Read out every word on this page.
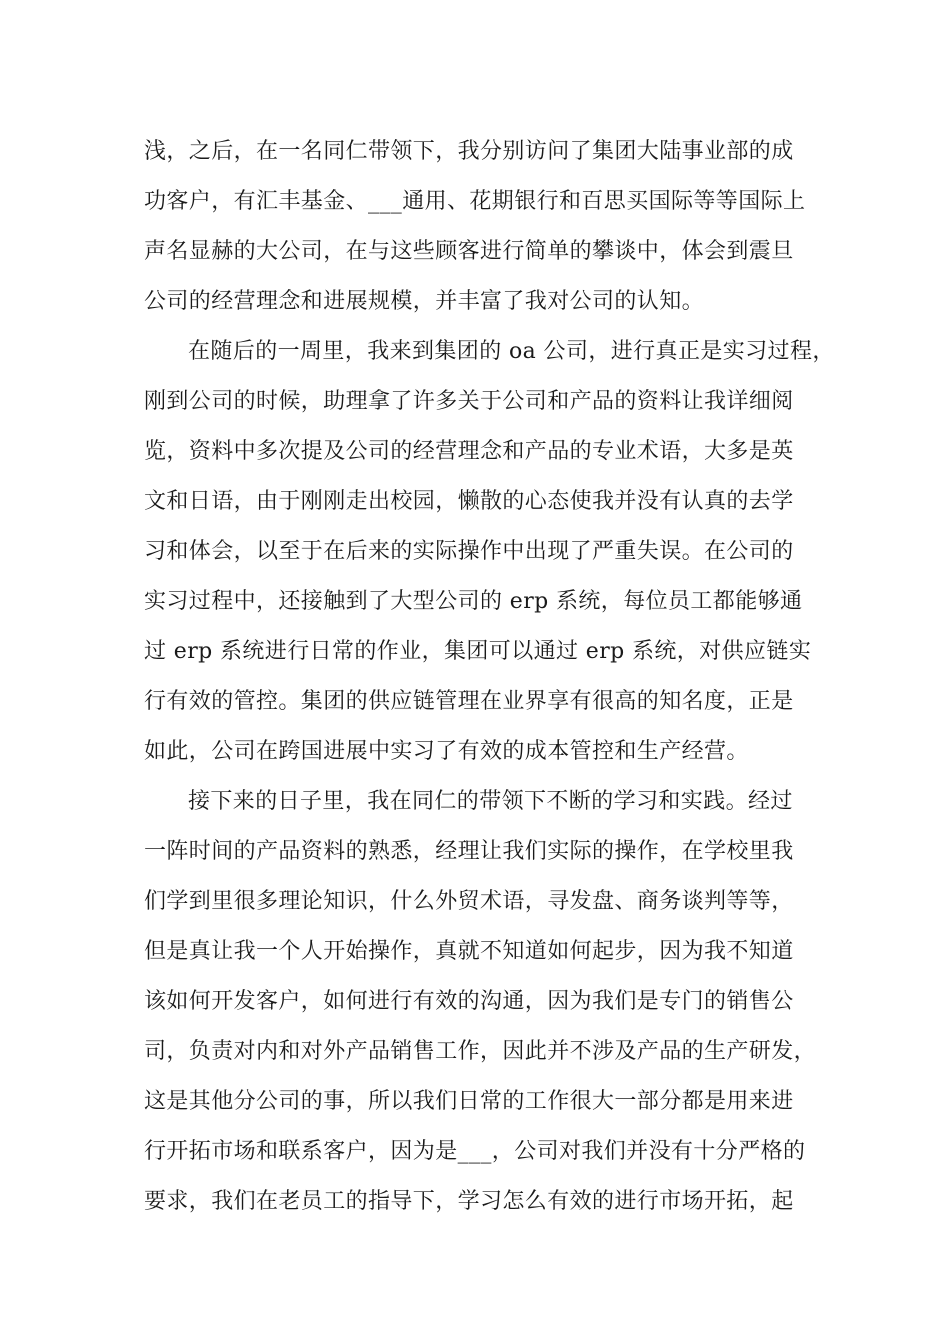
浅，之后，在一名同仁带领下，我分别访问了集团大陆事业部的成
功客户，有汇丰基金、___通用、花期银行和百思买国际等等国际上
声名显赫的大公司，在与这些顾客进行简单的攀谈中，体会到震旦
公司的经营理念和进展规模，并丰富了我对公司的认知。
在随后的一周里，我来到集团的 oa 公司，进行真正是实习过程，
刚到公司的时候，助理拿了许多关于公司和产品的资料让我详细阅
览，资料中多次提及公司的经营理念和产品的专业术语，大多是英
文和日语，由于刚刚走出校园，懒散的心态使我并没有认真的去学
习和体会，以至于在后来的实际操作中出现了严重失误。在公司的
实习过程中，还接触到了大型公司的 erp 系统，每位员工都能够通
过 erp 系统进行日常的作业，集团可以通过 erp 系统，对供应链实
行有效的管控。集团的供应链管理在业界享有很高的知名度，正是
如此，公司在跨国进展中实习了有效的成本管控和生产经营。
接下来的日子里，我在同仁的带领下不断的学习和实践。经过
一阵时间的产品资料的熟悉，经理让我们实际的操作，在学校里我
们学到里很多理论知识，什么外贸术语，寻发盘、商务谈判等等，
但是真让我一个人开始操作，真就不知道如何起步，因为我不知道
该如何开发客户，如何进行有效的沟通，因为我们是专门的销售公
司，负责对内和对外产品销售工作，因此并不涉及产品的生产研发，
这是其他分公司的事，所以我们日常的工作很大一部分都是用来进
行开拓市场和联系客户，因为是___，公司对我们并没有十分严格的
要求，我们在老员工的指导下，学习怎么有效的进行市场开拓，起
